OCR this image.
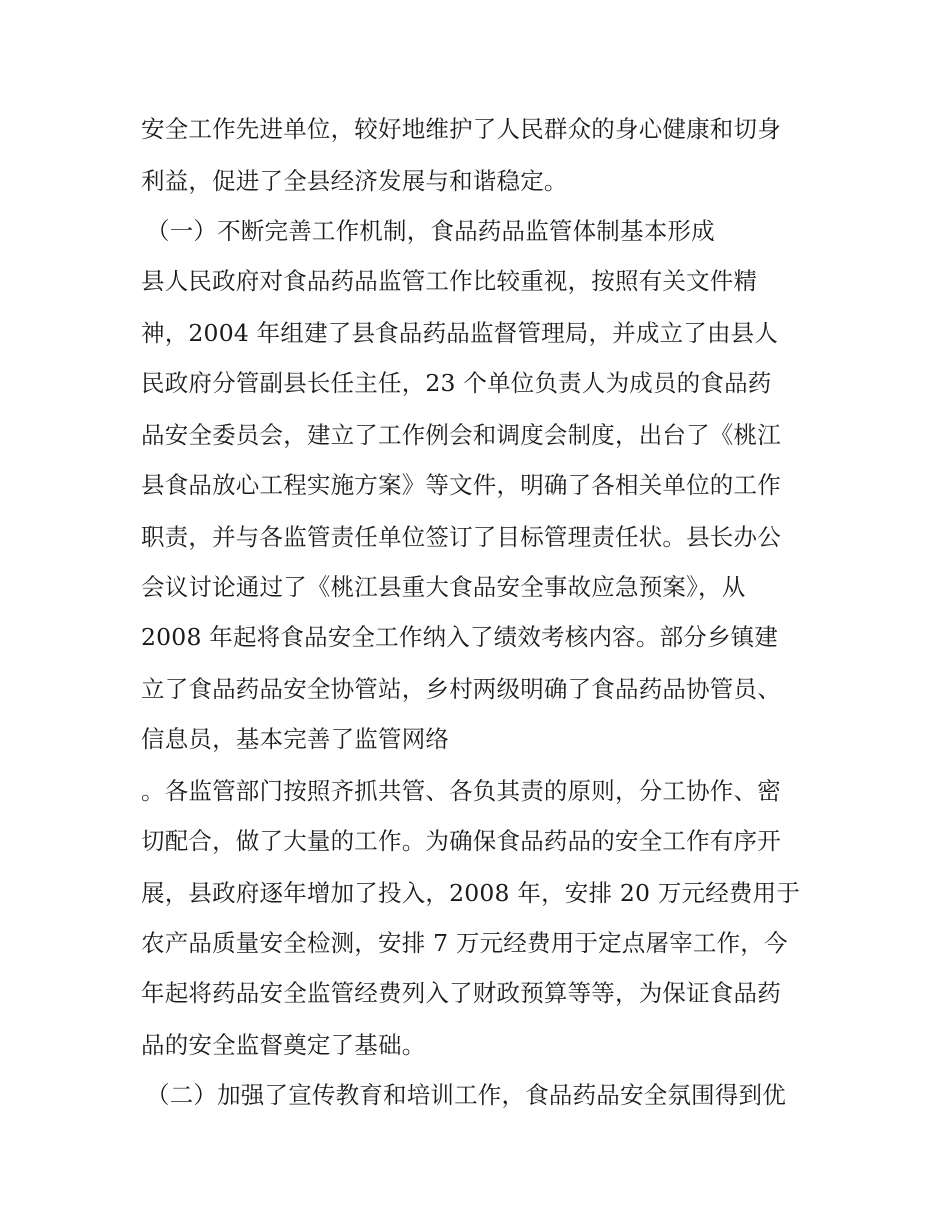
安全工作先进单位，较好地维护了人民群众的身心健康和切身
利益，促进了全县经济发展与和谐稳定。
（一）不断完善工作机制，食品药品监管体制基本形成
县人民政府对食品药品监管工作比较重视，按照有关文件精
神，2004 年组建了县食品药品监督管理局，并成立了由县人
民政府分管副县长任主任，23 个单位负责人为成员的食品药
品安全委员会，建立了工作例会和调度会制度，出台了《桃江
县食品放心工程实施方案》等文件，明确了各相关单位的工作
职责，并与各监管责任单位签订了目标管理责任状。县长办公
会议讨论通过了《桃江县重大食品安全事故应急预案》，从
2008 年起将食品安全工作纳入了绩效考核内容。部分乡镇建
立了食品药品安全协管站，乡村两级明确了食品药品协管员、
信息员，基本完善了监管网络
。各监管部门按照齐抓共管、各负其责的原则，分工协作、密
切配合，做了大量的工作。为确保食品药品的安全工作有序开
展，县政府逐年增加了投入，2008 年，安排 20 万元经费用于
农产品质量安全检测，安排 7 万元经费用于定点屠宰工作，今
年起将药品安全监管经费列入了财政预算等等，为保证食品药
品的安全监督奠定了基础。
（二）加强了宣传教育和培训工作，食品药品安全氛围得到优
